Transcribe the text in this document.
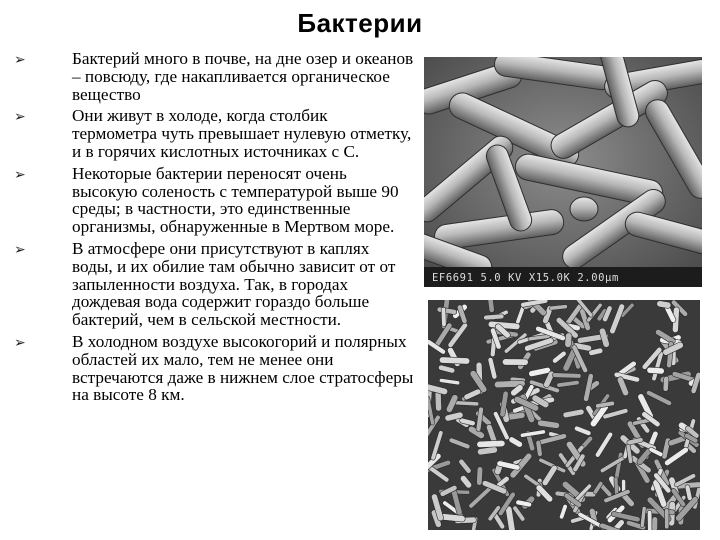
Бактерии
➢	Бактерий много в почве, на дне озер и океанов – повсюду, где накапливается органическое вещество
➢	Они живут в холоде, когда столбик термометра чуть превышает нулевую отметку, и в горячих кислотных источниках с С.
➢	Некоторые бактерии переносят очень высокую соленость с температурой выше 90 среды; в частности, это единственные организмы, обнаруженные в Мертвом море.
➢	В атмосфере они присутствуют в каплях воды, и их обилие там обычно зависит от от запыленности воздуха. Так, в городах дождевая вода содержит гораздо больше бактерий, чем в сельской местности.
➢	В холодном воздухе высокогорий и полярных областей их мало, тем не менее они встречаются даже в нижнем слое стратосферы на высоте 8 км.
EF6691 5.0 KV X15.0K 2.00µm
